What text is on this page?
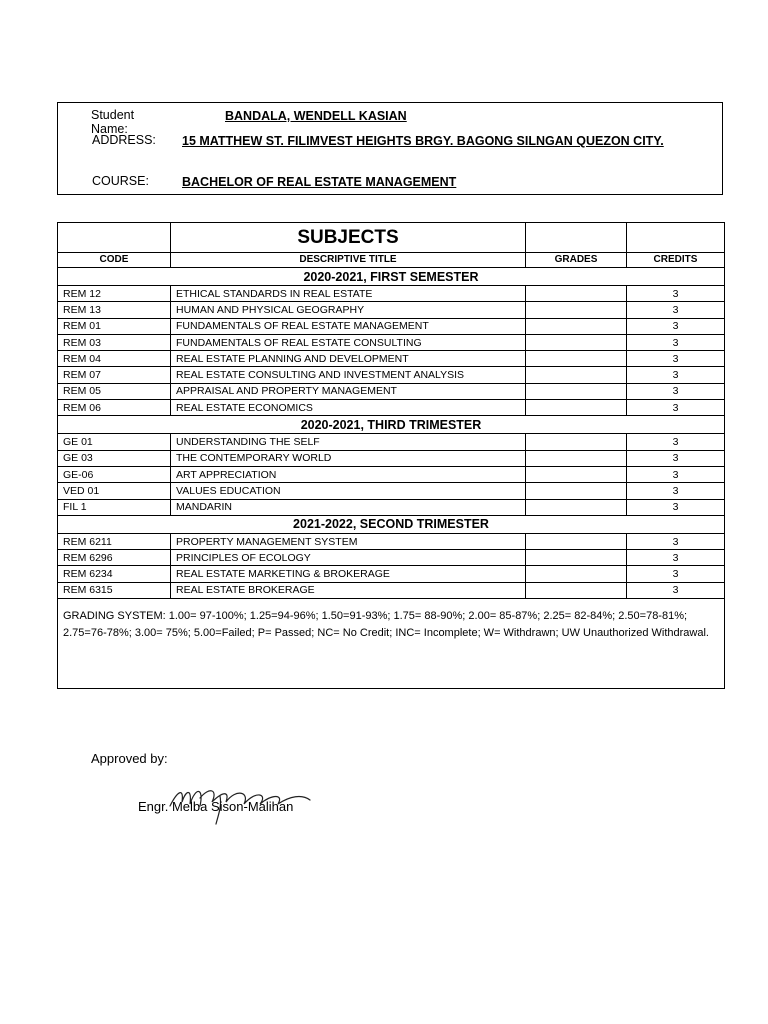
Student Name:
BANDALA, WENDELL KASIAN
ADDRESS: 15 MATTHEW ST. FILIMVEST HEIGHTS BRGY. BAGONG SILNGAN QUEZON CITY.
COURSE:	BACHELOR OF REAL ESTATE MANAGEMENT
	SUBJECTS		
CODE	DESCRIPTIVE TITLE	GRADES	CREDITS
2020-2021, FIRST SEMESTER			
REM 12	ETHICAL STANDARDS IN REAL ESTATE		3
REM 13	HUMAN AND PHYSICAL GEOGRAPHY		3
REM 01	FUNDAMENTALS OF REAL ESTATE MANAGEMENT		3
REM 03	FUNDAMENTALS OF REAL ESTATE CONSULTING		3
REM 04	REAL ESTATE PLANNING AND DEVELOPMENT		3
REM 07	REAL ESTATE CONSULTING AND INVESTMENT ANALYSIS		3
REM 05	APPRAISAL AND PROPERTY MANAGEMENT		3
REM 06	REAL ESTATE ECONOMICS		3
2020-2021, THIRD TRIMESTER			
GE 01	UNDERSTANDING THE SELF		3
GE 03	THE CONTEMPORARY WORLD		3
GE-06	ART APPRECIATION		3
VED 01	VALUES EDUCATION		3
FIL 1	MANDARIN		3
2021-2022, SECOND TRIMESTER			
REM 6211	PROPERTY MANAGEMENT SYSTEM		3
REM 6296	PRINCIPLES OF ECOLOGY		3
REM 6234	REAL ESTATE MARKETING & BROKERAGE		3
REM 6315	REAL ESTATE BROKERAGE		3
GRADING SYSTEM: 1.00= 97-100%; 1.25=94-96%; 1.50=91-93%; 1.75= 88-90%; 2.00= 85-87%; 2.25= 82-84%; 2.50=78-81%; 2.75=76-78%; 3.00= 75%; 5.00=Failed; P= Passed; NC= No Credit; INC= Incomplete; W= Withdrawn; UW Unauthorized Withdrawal.			
Approved by:
Engr. Melba Sison-Malihan
